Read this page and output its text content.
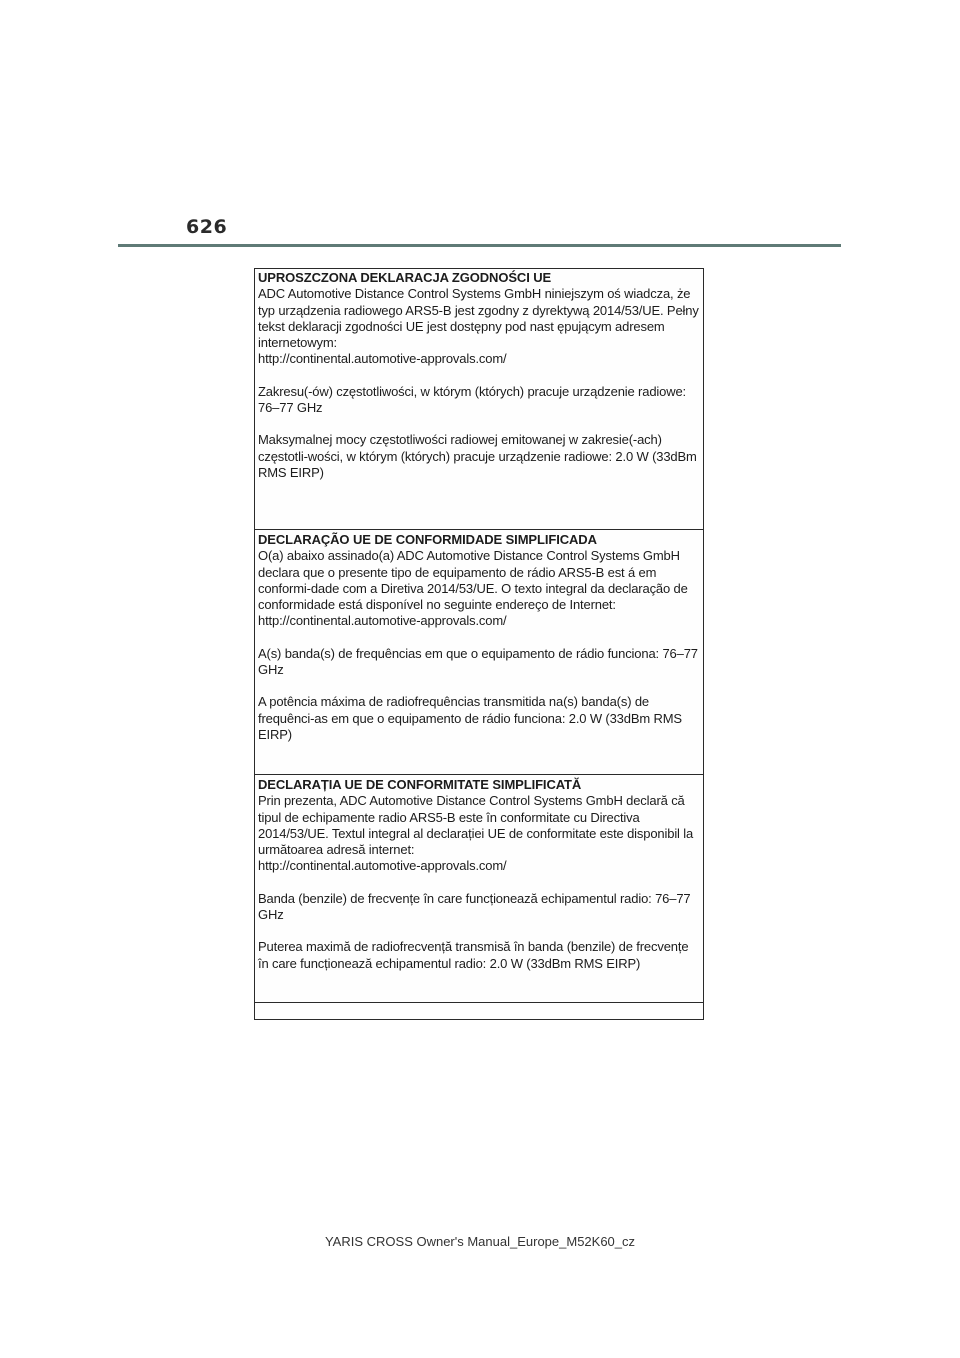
626
UPROSZCZONA DEKLARACJA ZGODNOŚCI UE

ADC Automotive Distance Control Systems GmbH niniejszym oś wiadcza, że typ urządzenia radiowego ARS5-B jest zgodny z dyrektywą 2014/53/UE. Pełny tekst deklaracji zgodności UE jest dostępny pod nast ępującym adresem internetowym:

http://continental.automotive-approvals.com/

Zakresu(-ów) częstotliwości, w którym (których) pracuje urządzenie radiowe: 76–77 GHz

Maksymalnej mocy częstotliwości radiowej emitowanej w zakresie(-ach) częstotli-wości, w którym (których) pracuje urządzenie radiowe: 2.0 W (33dBm RMS EIRP)

DECLARAÇÃO UE DE CONFORMIDADE SIMPLIFICADA

O(a) abaixo assinado(a) ADC Automotive Distance Control Systems GmbH declara que o presente tipo de equipamento de rádio ARS5-B est á em conformi-dade com a Diretiva 2014/53/UE. O texto integral da declaração de conformidade está disponível no seguinte endereço de Internet:

http://continental.automotive-approvals.com/

A(s) banda(s) de frequências em que o equipamento de rádio funciona: 76–77 GHz

A potência máxima de radiofrequências transmitida na(s) banda(s) de frequênci-as em que o equipamento de rádio funciona: 2.0 W (33dBm RMS EIRP)

DECLARAȚIA UE DE CONFORMITATE SIMPLIFICATĂ

Prin prezenta, ADC Automotive Distance Control Systems GmbH declară că tipul de echipamente radio ARS5-B este în conformitate cu Directiva 2014/53/UE. Textul integral al declarației UE de conformitate este disponibil la următoarea adresă internet:

http://continental.automotive-approvals.com/

Banda (benzile) de frecvențe în care funcționează echipamentul radio: 76–77 GHz

Puterea maximă de radiofrecvență transmisă în banda (benzile) de frecvențe în care funcționează echipamentul radio: 2.0 W (33dBm RMS EIRP)

YARIS CROSS Owner's Manual_Europe_M52K60_cz
